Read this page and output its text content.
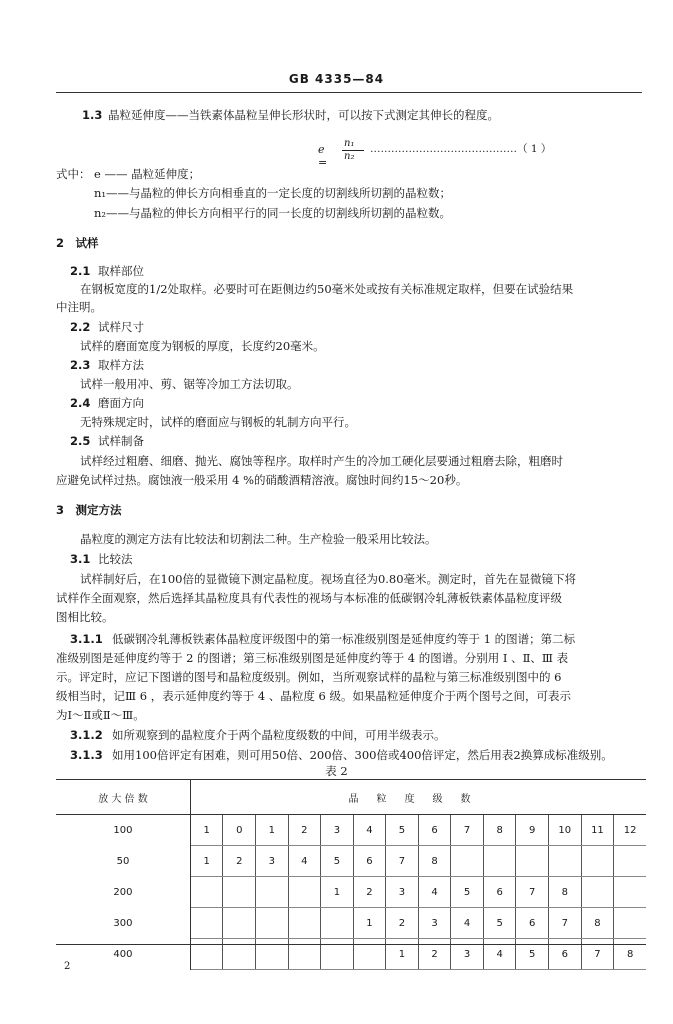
GB 4335—84
1.3 晶粒延伸度——当铁素体晶粒呈伸长形状时，可以按下式测定其伸长的程度。
e =
n₁
n₂
……………………………………（ 1 ）
式中： e —— 晶粒延伸度；
n₁——与晶粒的伸长方向相垂直的一定长度的切割线所切割的晶粒数；
n₂——与晶粒的伸长方向相平行的同一长度的切割线所切割的晶粒数。
2　试样
2.1 取样部位
在钢板宽度的1/2处取样。必要时可在距侧边约50毫米处或按有关标准规定取样，但要在试验结果
中注明。
2.2 试样尺寸
试样的磨面宽度为钢板的厚度，长度约20毫米。
2.3 取样方法
试样一般用冲、剪、锯等冷加工方法切取。
2.4 磨面方向
无特殊规定时，试样的磨面应与钢板的轧制方向平行。
2.5 试样制备
试样经过粗磨、细磨、抛光、腐蚀等程序。取样时产生的冷加工硬化层要通过粗磨去除，粗磨时
应避免试样过热。腐蚀液一般采用 4 %的硝酸酒精溶液。腐蚀时间约15～20秒。
3　测定方法
晶粒度的测定方法有比较法和切割法二种。生产检验一般采用比较法。
3.1 比较法
试样制好后，在100倍的显微镜下测定晶粒度。视场直径为0.80毫米。测定时，首先在显微镜下将
试样作全面观察，然后选择其晶粒度具有代表性的视场与本标准的低碳钢冷轧薄板铁素体晶粒度评级
图相比较。
3.1.1 低碳钢冷轧薄板铁素体晶粒度评级图中的第一标准级别图是延伸度约等于 1 的图谱；第二标
准级别图是延伸度约等于 2 的图谱；第三标准级别图是延伸度约等于 4 的图谱。分别用 Ⅰ 、Ⅱ、Ⅲ 表
示。评定时，应记下图谱的图号和晶粒度级别。例如，当所观察试样的晶粒与第三标准级别图中的 6
级相当时，记Ⅲ 6 ，表示延伸度约等于 4 、晶粒度 6 级。如果晶粒延伸度介于两个图号之间，可表示
为Ⅰ～Ⅱ或Ⅱ～Ⅲ。
3.1.2 如所观察到的晶粒度介于两个晶粒度级数的中间，可用半级表示。
3.1.3 如用100倍评定有困难，则可用50倍、200倍、300倍或400倍评定，然后用表2换算成标准级别。
表 2
放 大 倍 数	晶粒度级数													
100	1	0	1	2	3	4	5	6	7	8	9	10	11	12
50	1	2	3	4	5	6	7	8						
200					1	2	3	4	5	6	7	8		
300						1	2	3	4	5	6	7	8	
400							1	2	3	4	5	6	7	8
2
